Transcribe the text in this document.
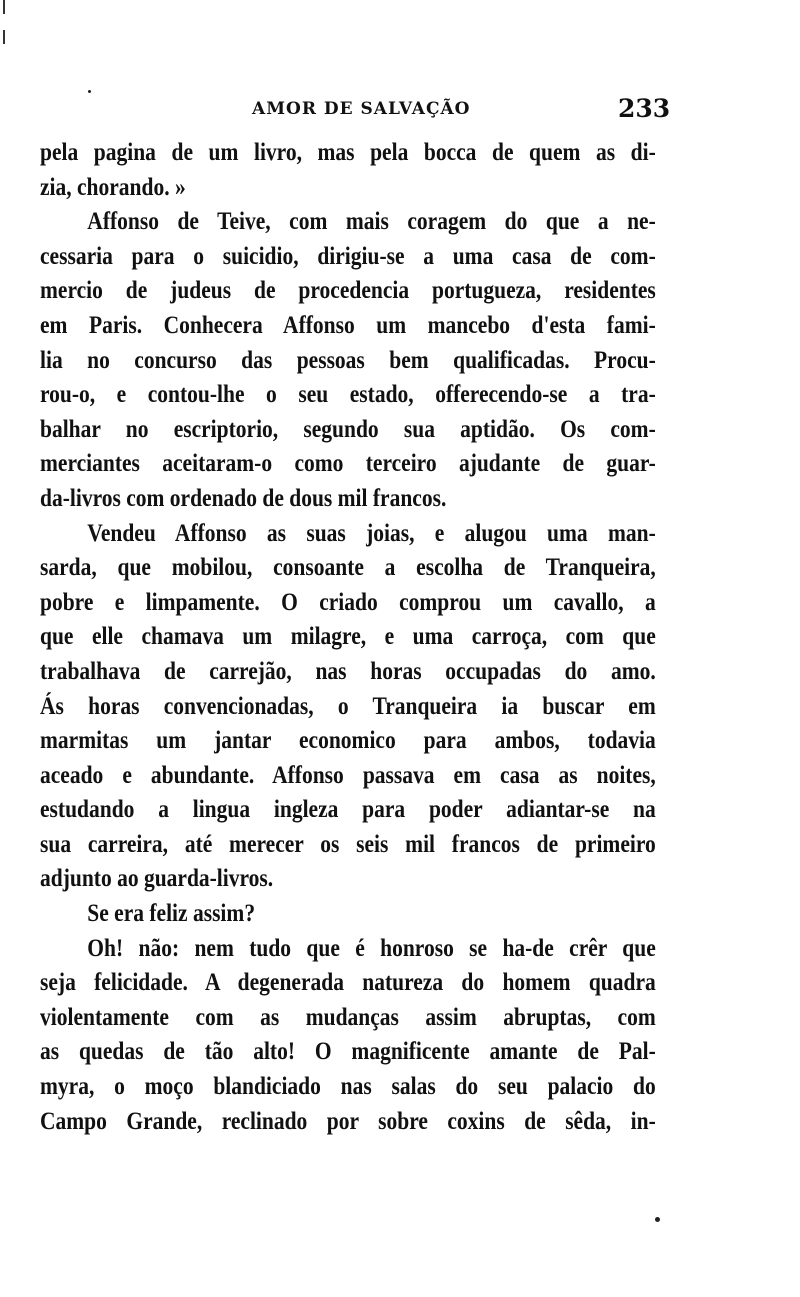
AMOR DE SALVAÇÃO	233
pela pagina de um livro, mas pela bocca de quem as di-
zia, chorando. »
Affonso de Teive, com mais coragem do que a ne-
cessaria para o suicidio, dirigiu-se a uma casa de com-
mercio de judeus de procedencia portugueza, residentes
em Paris. Conhecera Affonso um mancebo d'esta fami-
lia no concurso das pessoas bem qualificadas. Procu-
rou-o, e contou-lhe o seu estado, offerecendo-se a tra-
balhar no escriptorio, segundo sua aptidão. Os com-
merciantes aceitaram-o como terceiro ajudante de guar-
da-livros com ordenado de dous mil francos.
Vendeu Affonso as suas joias, e alugou uma man-
sarda, que mobilou, consoante a escolha de Tranqueira,
pobre e limpamente. O criado comprou um cavallo, a
que elle chamava um milagre, e uma carroça, com que
trabalhava de carrejão, nas horas occupadas do amo.
Ás horas convencionadas, o Tranqueira ia buscar em
marmitas um jantar economico para ambos, todavia
aceado e abundante. Affonso passava em casa as noites,
estudando a lingua ingleza para poder adiantar-se na
sua carreira, até merecer os seis mil francos de primeiro
adjunto ao guarda-livros.
Se era feliz assim?
Oh! não: nem tudo que é honroso se ha-de crêr que
seja felicidade. A degenerada natureza do homem quadra
violentamente com as mudanças assim abruptas, com
as quedas de tão alto! O magnificente amante de Pal-
myra, o moço blandiciado nas salas do seu palacio do
Campo Grande, reclinado por sobre coxins de sêda, in-
